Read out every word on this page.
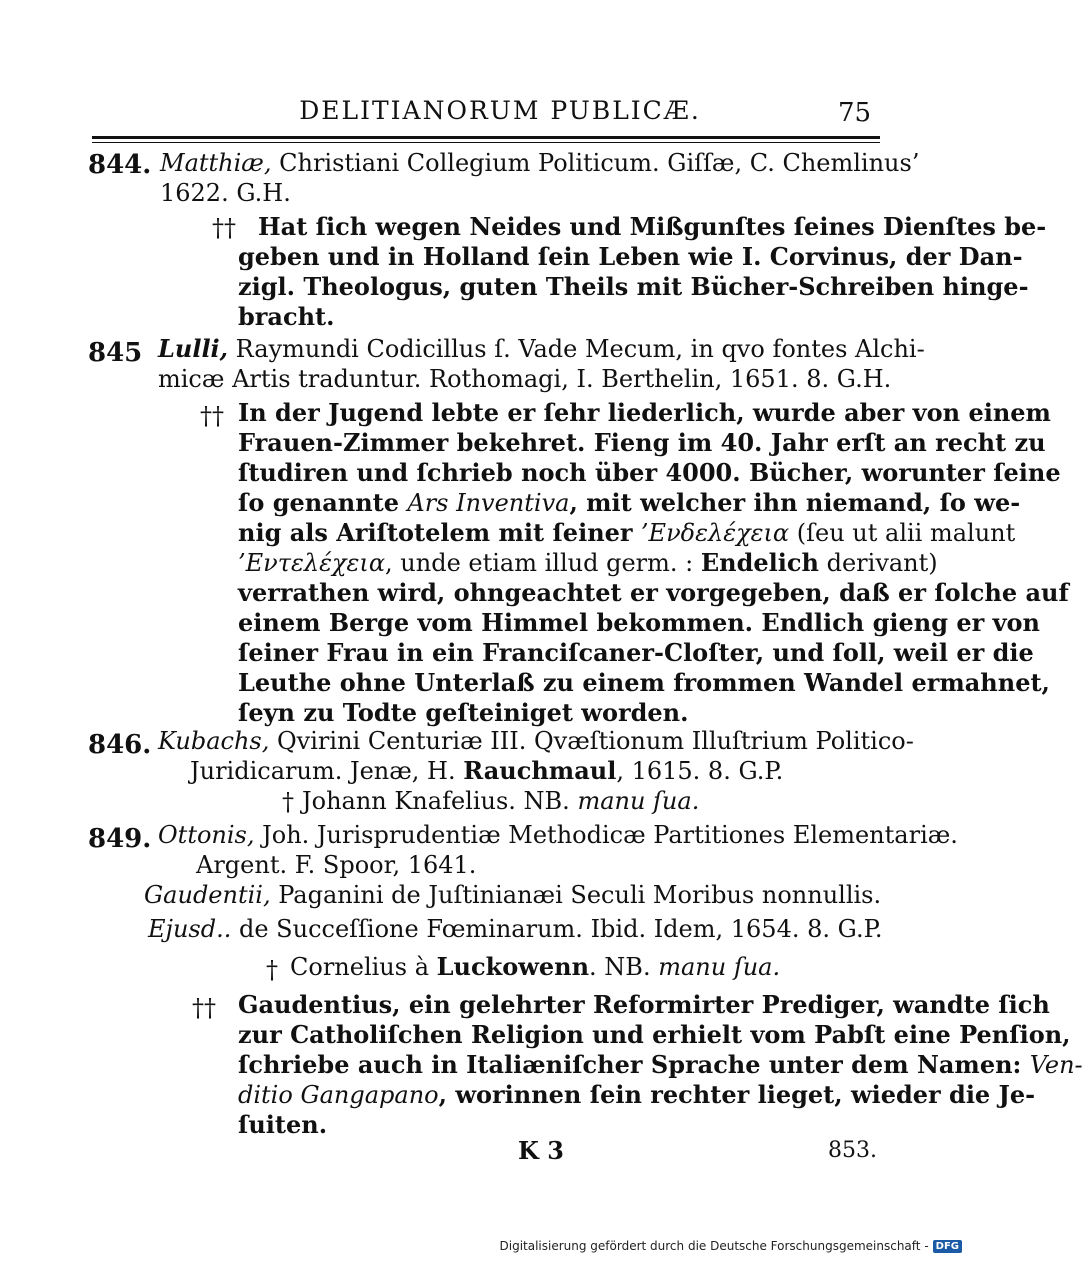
DELITIANORUM PUBLICÆ.	75
844. Matthiæ, Christiani Collegium Politicum. Giſſæ, C. Chemlinus’
1622. G.H.
†† Hat ſich wegen Neides und Mißgunſtes ſeines Dienſtes be-
geben und in Holland ſein Leben wie I. Corvinus, der Dan-
zigl. Theologus, guten Theils mit Bücher-Schreiben hinge-
bracht.
845 Lulli, Raymundi Codicillus ſ. Vade Mecum, in qvo fontes Alchi-
micæ Artis traduntur. Rothomagi, I. Berthelin, 1651. 8. G.H.
†† In der Jugend lebte er ſehr liederlich, wurde aber von einem
Frauen-Zimmer bekehret. Fieng im 40. Jahr erſt an recht zu
ſtudiren und ſchrieb noch über 4000. Bücher, worunter ſeine
ſo genannte Ars Inventiva, mit welcher ihn niemand, ſo we-
nig als Ariſtotelem mit ſeiner ’Ενδελέχεια (ſeu ut alii malunt
’Εντελέχεια, unde etiam illud germ. : Endelich derivant)
verrathen wird, ohngeachtet er vorgegeben, daß er ſolche auf
einem Berge vom Himmel bekommen. Endlich gieng er von
ſeiner Frau in ein Franciſcaner-Cloſter, und ſoll, weil er die
Leuthe ohne Unterlaß zu einem frommen Wandel ermahnet,
ſeyn zu Todte geſteiniget worden.
846. Kubachs, Qvirini Centuriæ III. Qvæſtionum Illuſtrium Politico-
Juridicarum. Jenæ, H. Rauchmaul, 1615. 8. G.P.
† Johann Knafelius. NB. manu ſua.
849. Ottonis, Joh. Jurisprudentiæ Methodicæ Partitiones Elementariæ.
Argent. F. Spoor, 1641.
Gaudentii, Paganini de Juſtinianæi Seculi Moribus nonnullis.
Ejusd.. de Succeſſione Fœminarum. Ibid. Idem, 1654. 8. G.P.
† Cornelius à Luckowenn. NB. manu ſua.
†† Gaudentius, ein gelehrter Reformirter Prediger, wandte ſich
zur Catholiſchen Religion und erhielt vom Pabſt eine Penſion,
ſchriebe auch in Italiæniſcher Sprache unter dem Namen: Ven-
ditio Gangapano, worinnen ſein rechter lieget, wieder die Je-
ſuiten.
K 3	853.
Digitalisierung gefördert durch die Deutsche Forschungsgemeinschaft - DFG
